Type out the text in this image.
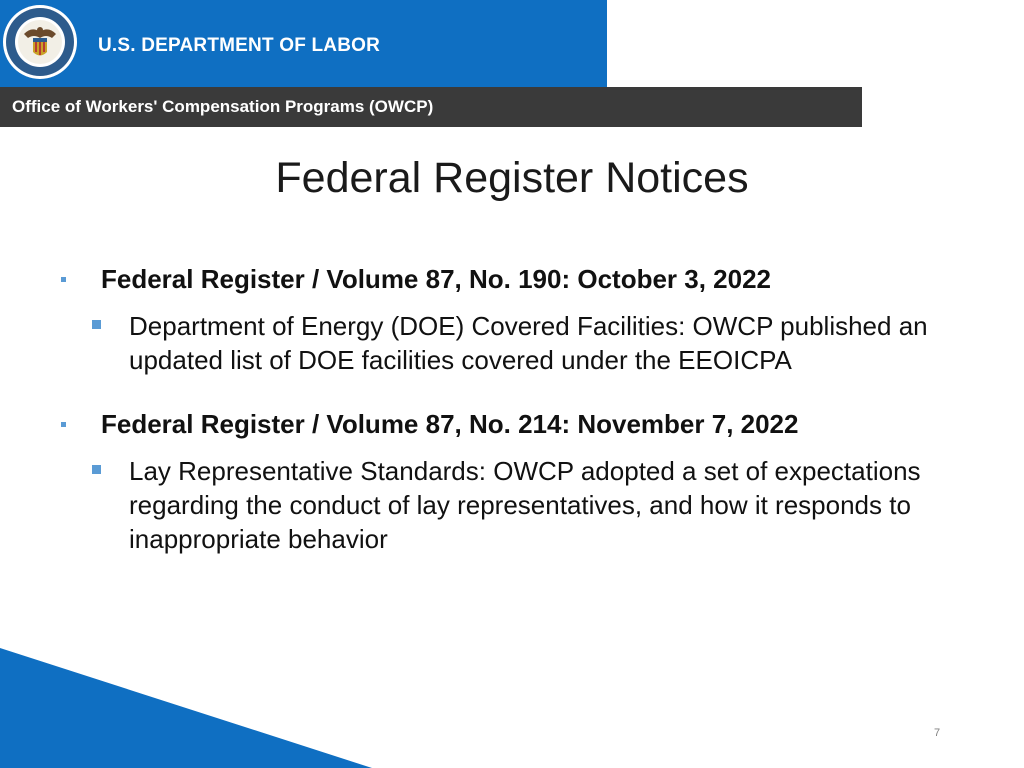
U.S. DEPARTMENT OF LABOR
Office of Workers' Compensation Programs (OWCP)
Federal Register Notices
Federal Register / Volume 87, No. 190: October 3, 2022
Department of Energy (DOE) Covered Facilities: OWCP published an updated list of DOE facilities covered under the EEOICPA
Federal Register / Volume 87, No. 214: November 7, 2022
Lay Representative Standards: OWCP adopted a set of expectations regarding the conduct of lay representatives, and how it responds to inappropriate behavior
7
